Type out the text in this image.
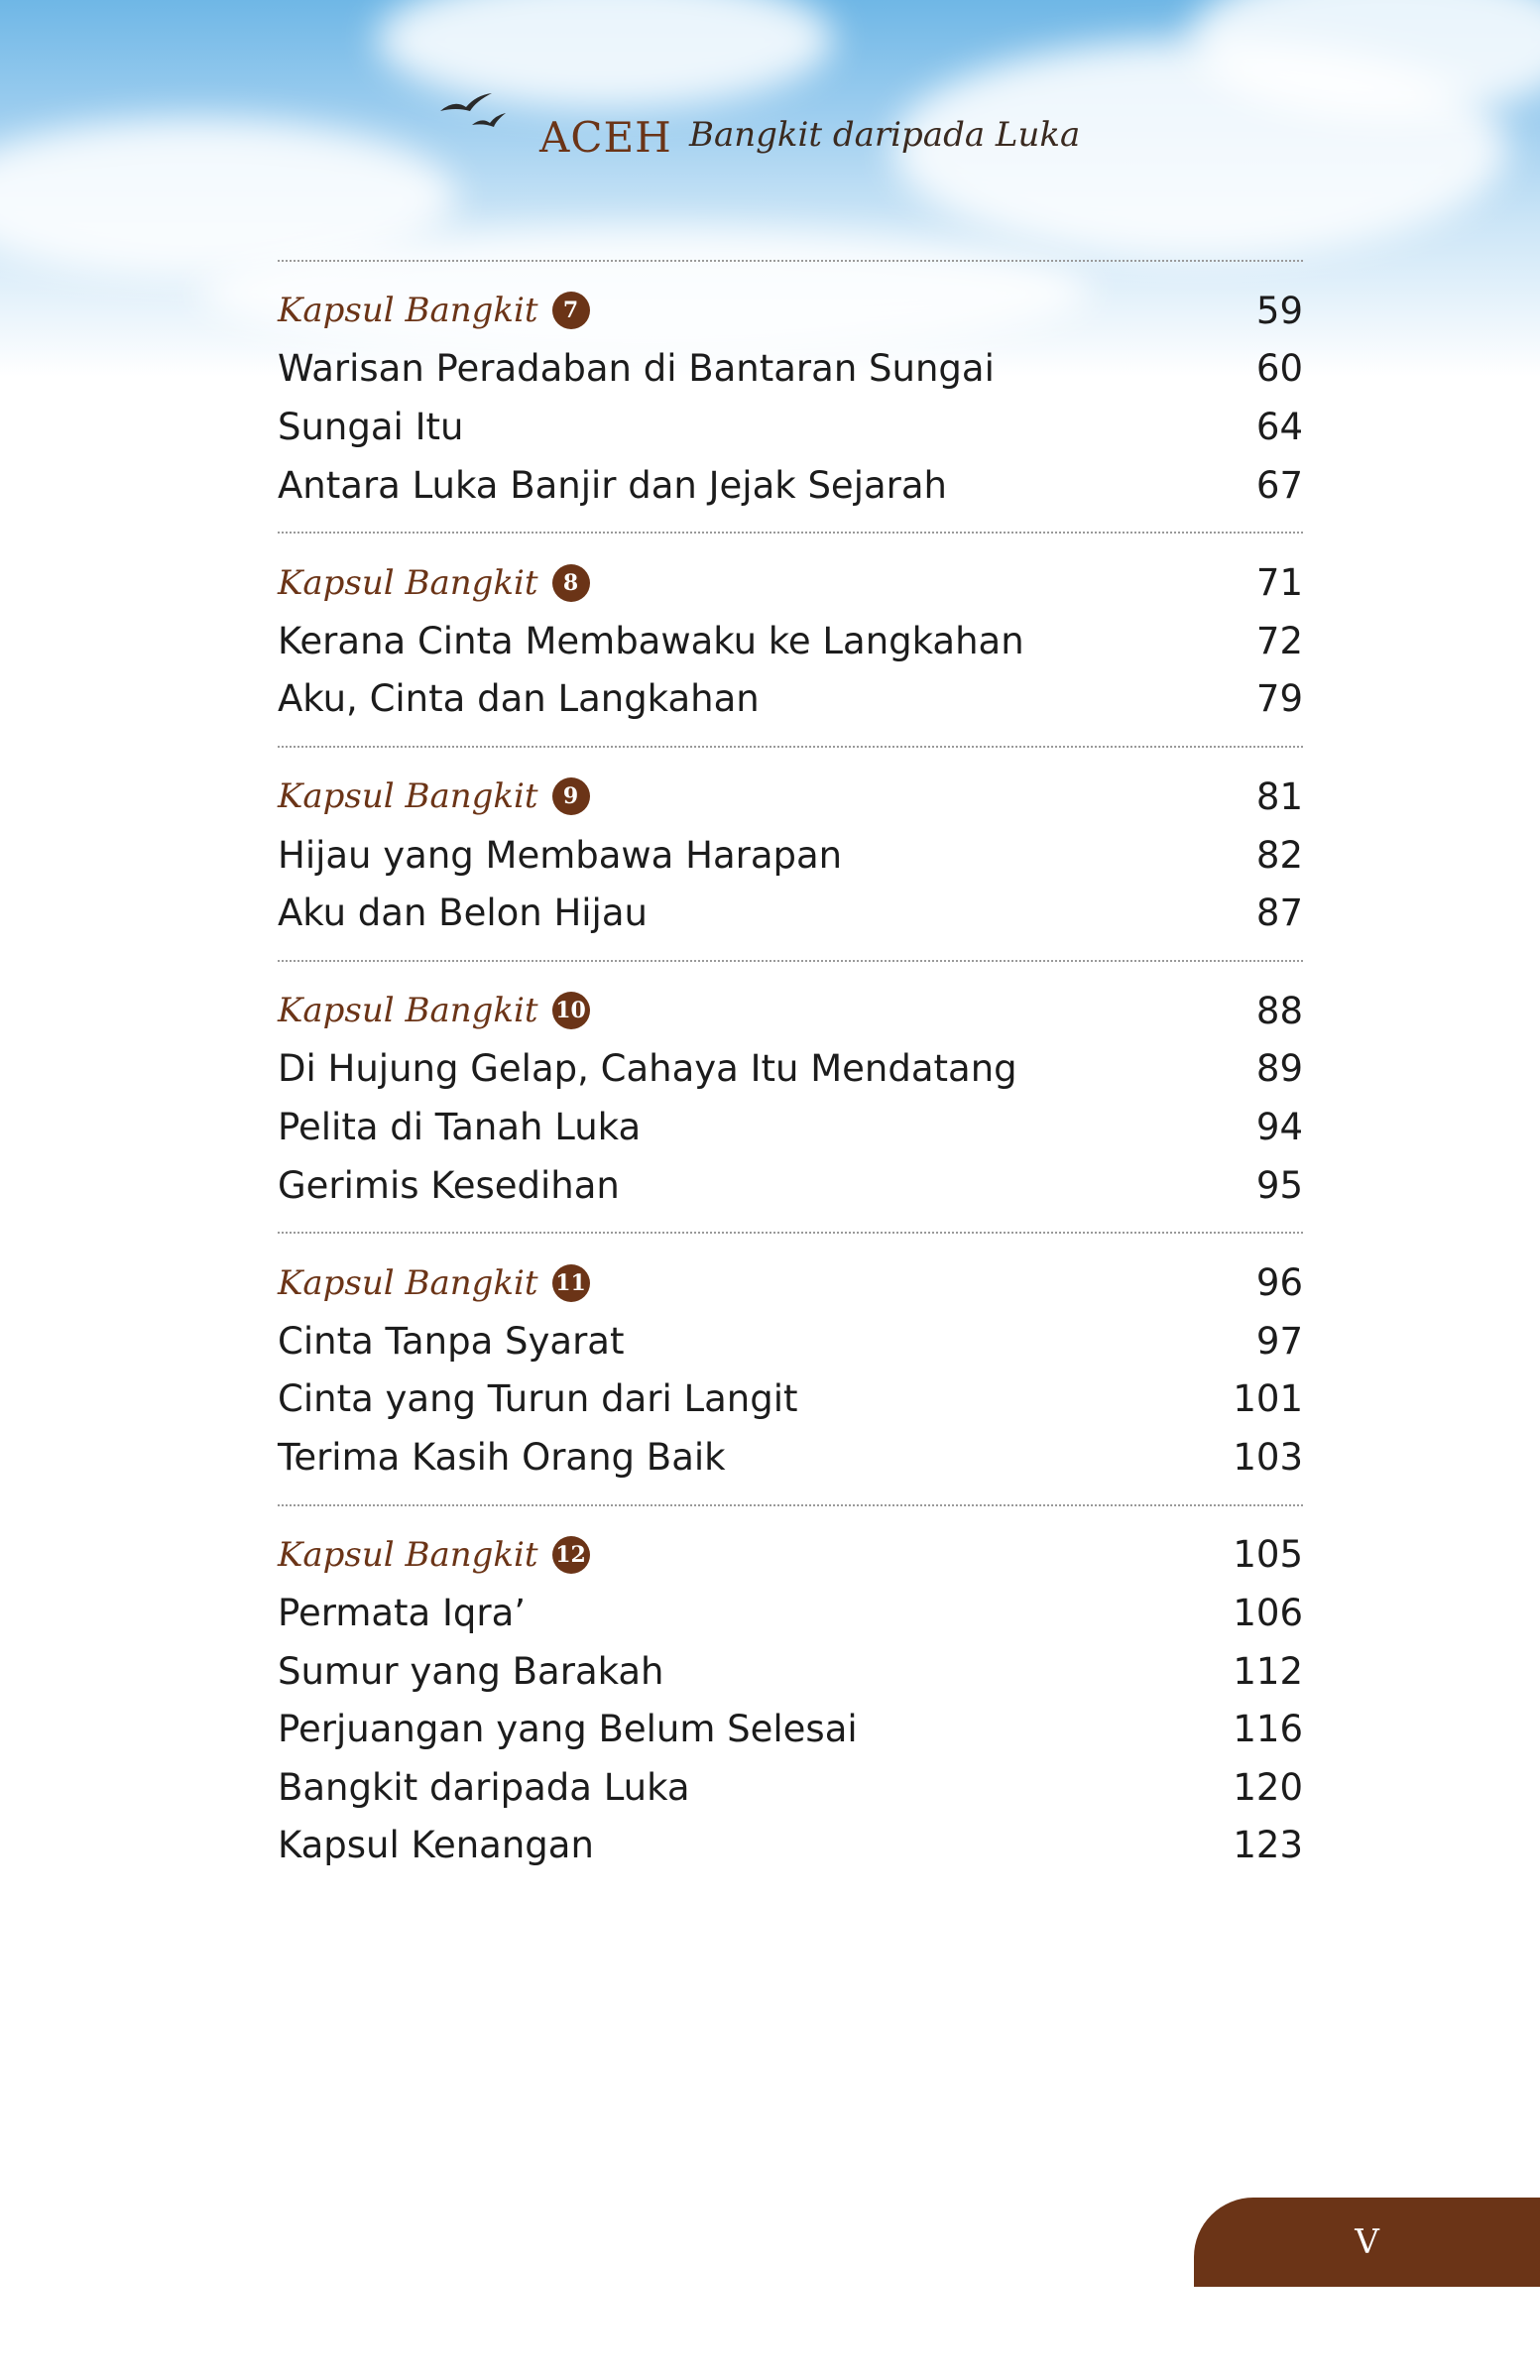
ACEH Bangkit daripada Luka
Kapsul Bangkit	7	59
Warisan Peradaban di Bantaran Sungai	60
Sungai Itu	64
Antara Luka Banjir dan Jejak Sejarah	67
Kapsul Bangkit	8	71
Kerana Cinta Membawaku ke Langkahan	72
Aku, Cinta dan Langkahan	79
Kapsul Bangkit	9	81
Hijau yang Membawa Harapan	82
Aku dan Belon Hijau	87
Kapsul Bangkit 10	88
Di Hujung Gelap, Cahaya Itu Mendatang	89
Pelita di Tanah Luka	94
Gerimis Kesedihan	95
Kapsul Bangkit 11	96
Cinta Tanpa Syarat	97
Cinta yang Turun dari Langit	101
Terima Kasih Orang Baik	103
Kapsul Bangkit 12	105
Permata Iqra’	106
Sumur yang Barakah	112
Perjuangan yang Belum Selesai	116
Bangkit daripada Luka	120
Kapsul Kenangan	123
V
